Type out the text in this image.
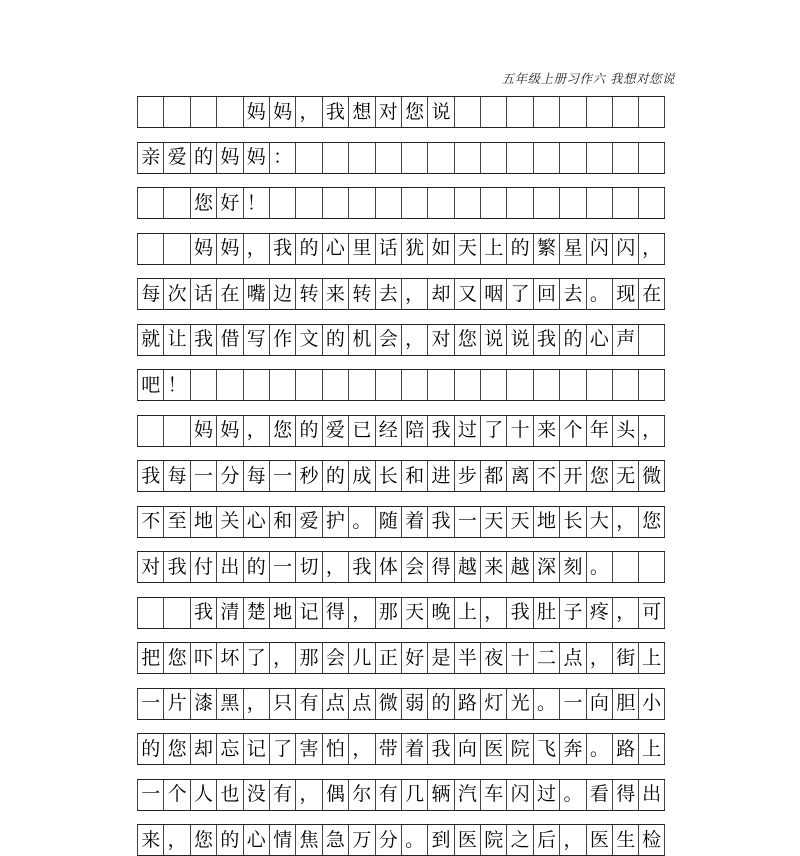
五年级上册习作六 我想对您说
妈 妈 ， 我 想 对 您 说
亲 爱 的 妈 妈 ：
您 好 ！
妈 妈 ， 我 的 心 里 话 犹 如 天 上 的 繁 星 闪 闪 ，
每 次 话 在 嘴 边 转 来 转 去 ， 却 又 咽 了 回 去 。 现 在
就 让 我 借 写 作 文 的 机 会 ， 对 您 说 说 我 的 心 声
吧 ！
妈 妈 ， 您 的 爱 已 经 陪 我 过 了 十 来 个 年 头 ，
我 每 一 分 每 一 秒 的 成 长 和 进 步 都 离 不 开 您 无 微
不 至 地 关 心 和 爱 护 。 随 着 我 一 天 天 地 长 大 ， 您
对 我 付 出 的 一 切 ， 我 体 会 得 越 来 越 深 刻 。
我 清 楚 地 记 得 ， 那 天 晚 上 ， 我 肚 子 疼 ， 可
把 您 吓 坏 了 ， 那 会 儿 正 好 是 半 夜 十 二 点 ， 街 上
一 片 漆 黑 ， 只 有 点 点 微 弱 的 路 灯 光 。 一 向 胆 小
的 您 却 忘 记 了 害 怕 ， 带 着 我 向 医 院 飞 奔 。 路 上
一 个 人 也 没 有 ， 偶 尔 有 几 辆 汽 车 闪 过 。 看 得 出
来 ， 您 的 心 情 焦 急 万 分 。 到 医 院 之 后 ， 医 生 检
